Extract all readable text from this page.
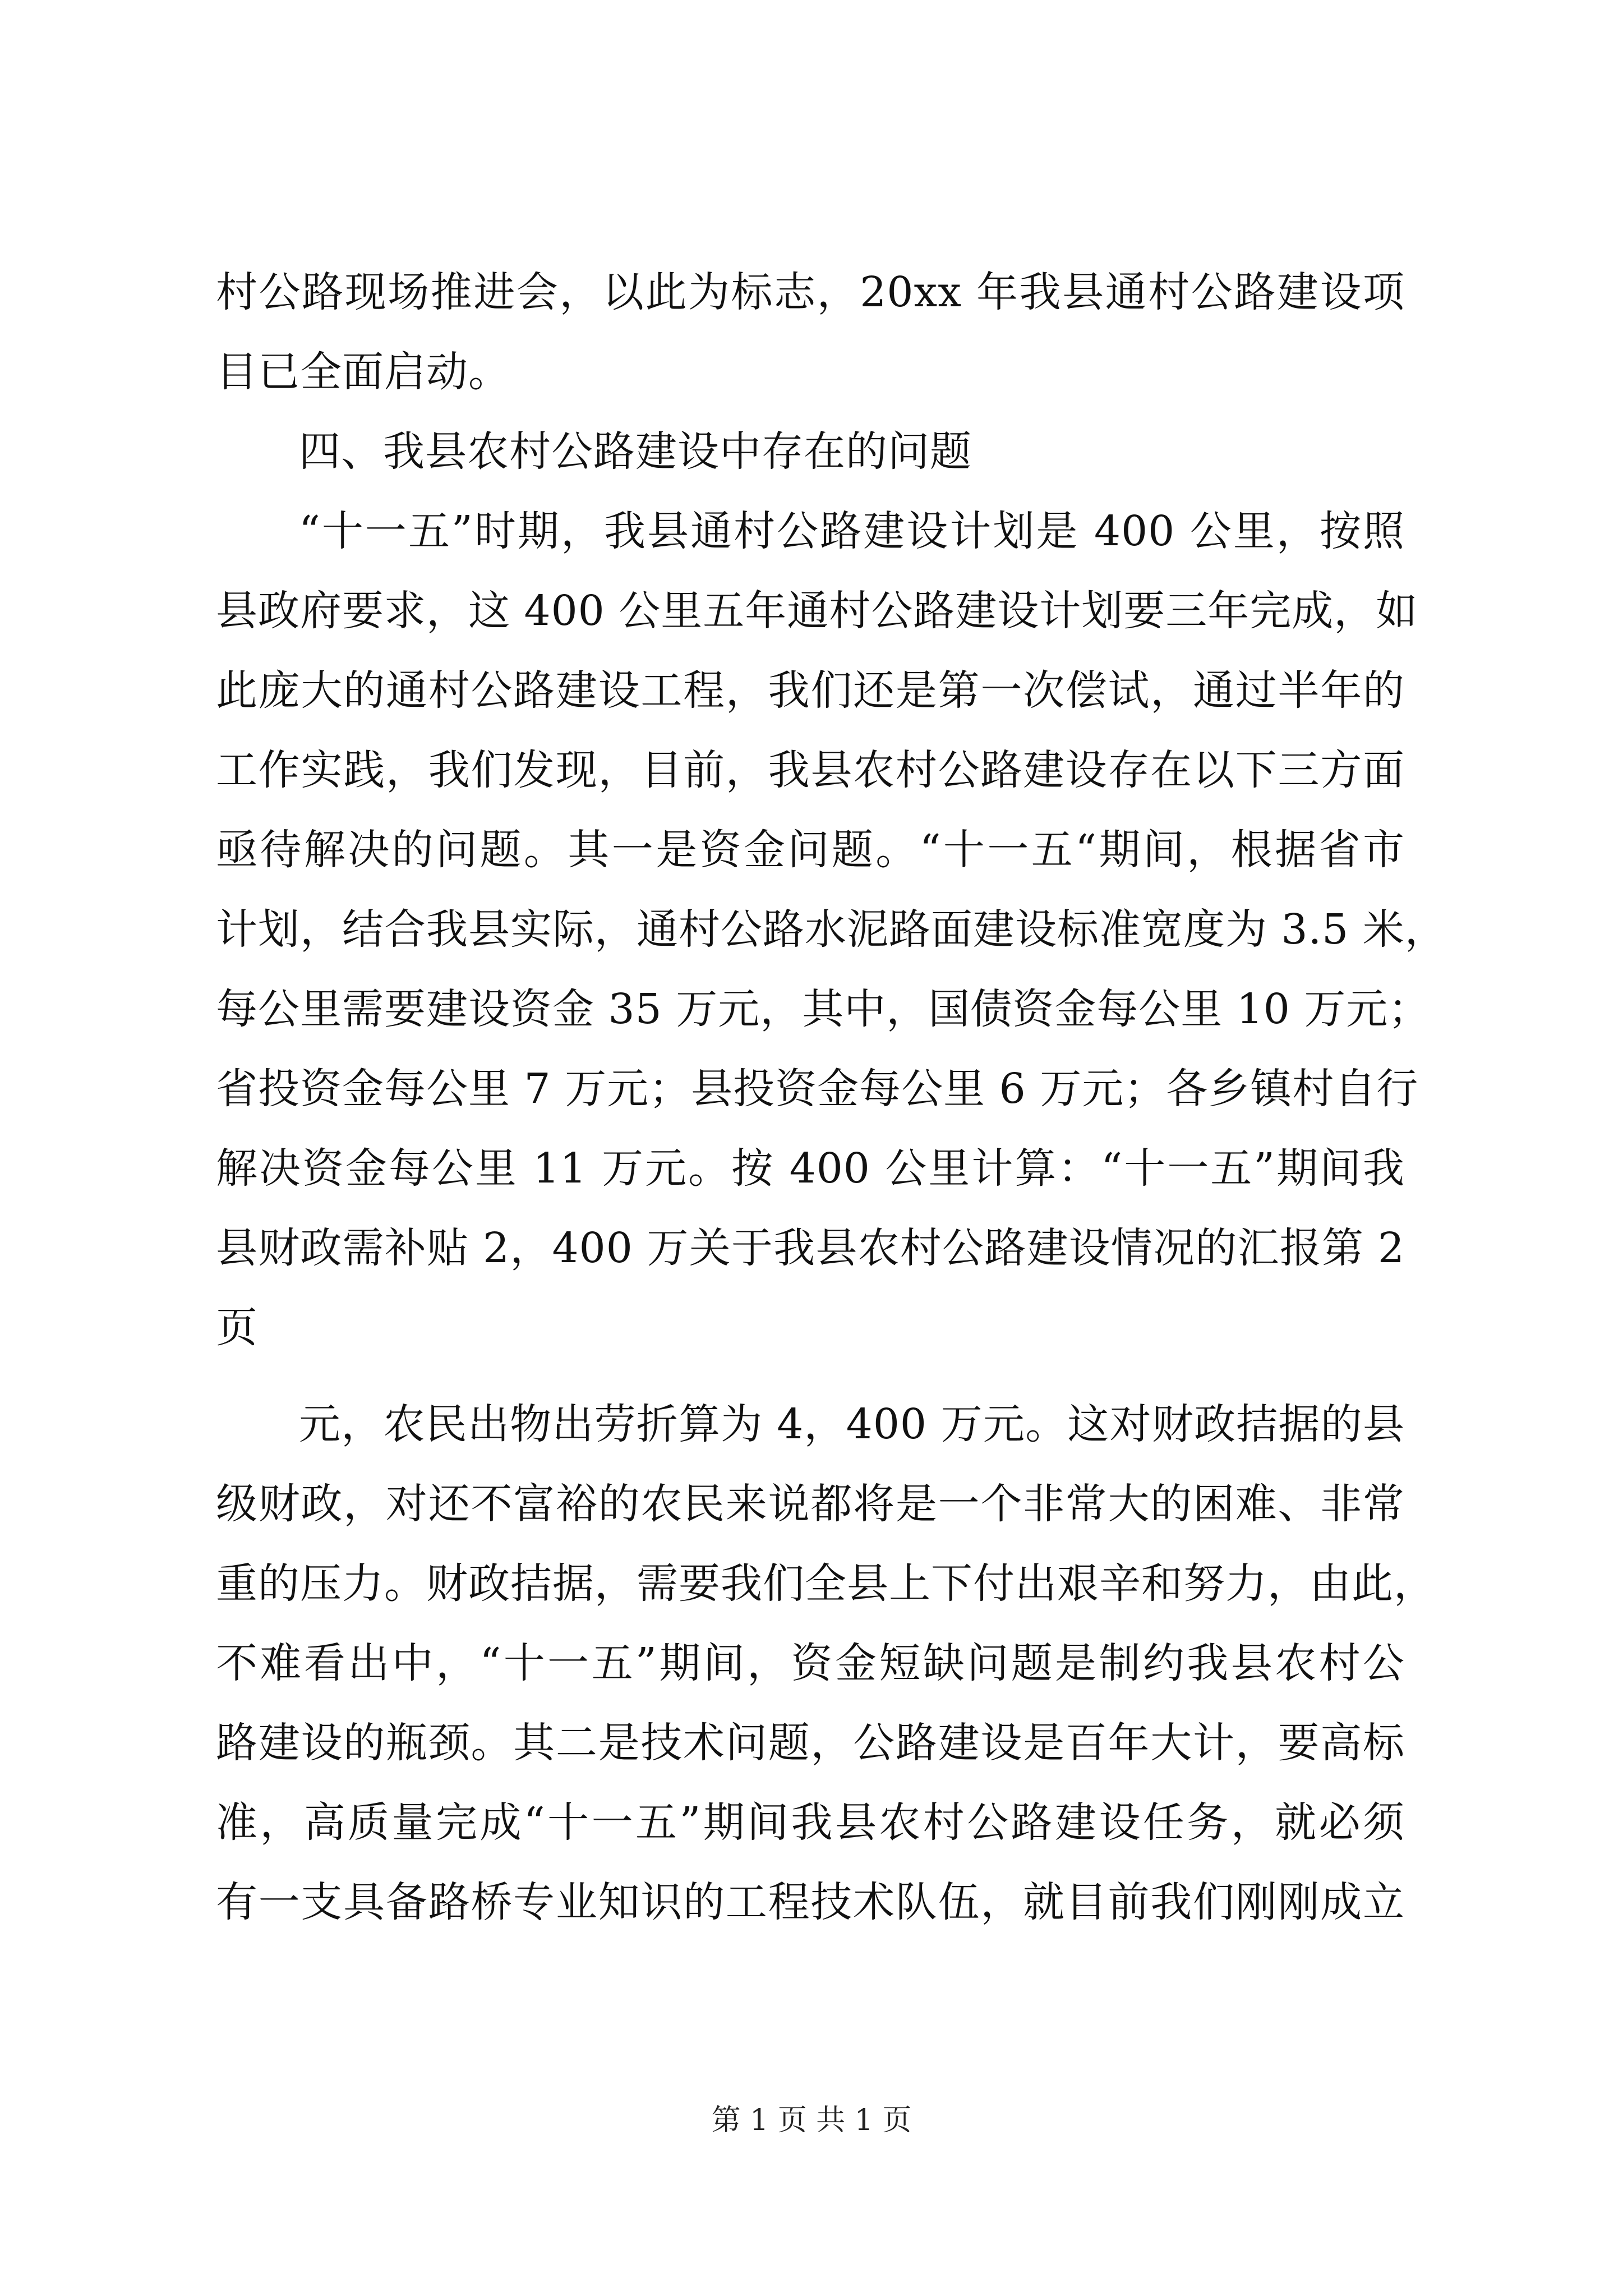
村公路现场推进会，以此为标志，20xx 年我县通村公路建设项
目已全面启动。
四、我县农村公路建设中存在的问题
“十一五”时期，我县通村公路建设计划是 400 公里，按照
县政府要求，这 400 公里五年通村公路建设计划要三年完成，如
此庞大的通村公路建设工程，我们还是第一次偿试，通过半年的
工作实践，我们发现，目前，我县农村公路建设存在以下三方面
亟待解决的问题。其一是资金问题。“十一五“期间，根据省市
计划，结合我县实际，通村公路水泥路面建设标准宽度为 3.5 米，
每公里需要建设资金 35 万元，其中，国债资金每公里 10 万元；
省投资金每公里 7 万元；县投资金每公里 6 万元；各乡镇村自行
解决资金每公里 11 万元。按 400 公里计算：“十一五”期间我
县财政需补贴 2，400 万关于我县农村公路建设情况的汇报第 2
页
元，农民出物出劳折算为 4，400 万元。这对财政拮据的县
级财政，对还不富裕的农民来说都将是一个非常大的困难、非常
重的压力。财政拮据，需要我们全县上下付出艰辛和努力，由此，
不难看出中，“十一五”期间，资金短缺问题是制约我县农村公
路建设的瓶颈。其二是技术问题，公路建设是百年大计，要高标
准，高质量完成“十一五”期间我县农村公路建设任务，就必须
有一支具备路桥专业知识的工程技术队伍，就目前我们刚刚成立
第 1 页 共 1 页
